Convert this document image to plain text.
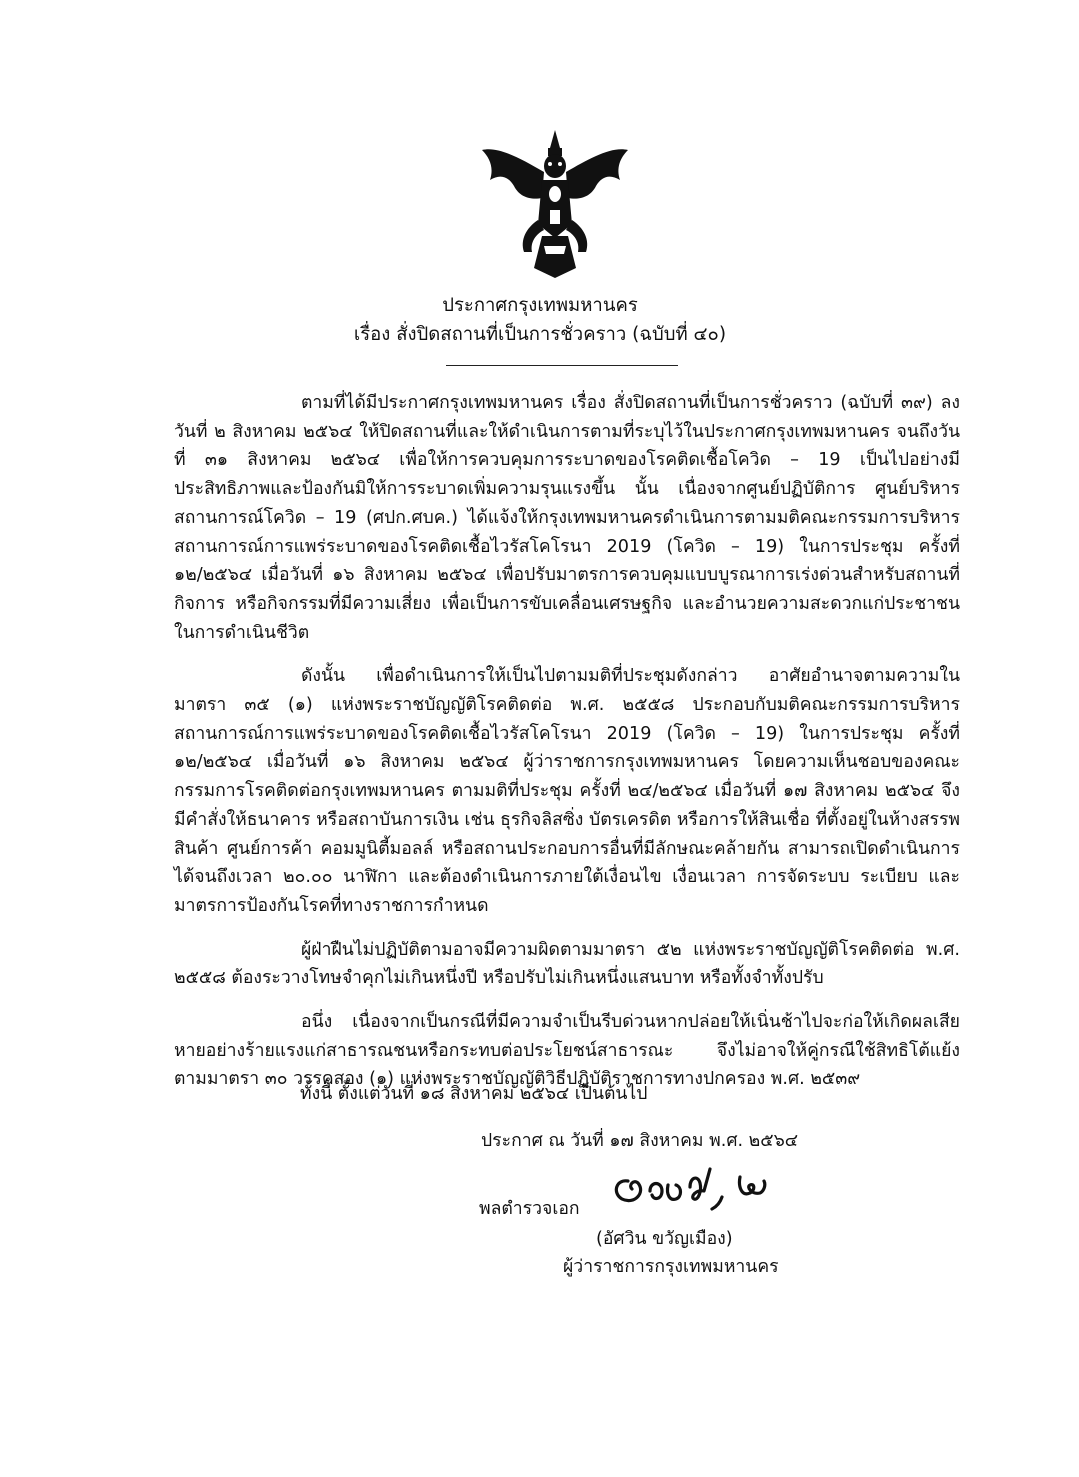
ประกาศกรุงเทพมหานคร
เรื่อง สั่งปิดสถานที่เป็นการชั่วคราว (ฉบับที่ ๔๐)

ตามที่ได้มีประกาศกรุงเทพมหานคร เรื่อง สั่งปิดสถานที่เป็นการชั่วคราว (ฉบับที่ ๓๙) ลงวันที่ ๒ สิงหาคม ๒๕๖๔ ให้ปิดสถานที่และให้ดำเนินการตามที่ระบุไว้ในประกาศกรุงเทพมหานคร จนถึงวันที่ ๓๑ สิงหาคม ๒๕๖๔ เพื่อให้การควบคุมการระบาดของโรคติดเชื้อโควิด – 19 เป็นไปอย่างมีประสิทธิภาพและป้องกันมิให้การระบาดเพิ่มความรุนแรงขึ้น นั้น เนื่องจากศูนย์ปฏิบัติการ ศูนย์บริหารสถานการณ์โควิด – 19 (ศปก.ศบค.) ได้แจ้งให้กรุงเทพมหานครดำเนินการตามมติคณะกรรมการบริหารสถานการณ์การแพร่ระบาดของโรคติดเชื้อไวรัสโคโรนา 2019 (โควิด – 19) ในการประชุม ครั้งที่ ๑๒/๒๕๖๔ เมื่อวันที่ ๑๖ สิงหาคม ๒๕๖๔ เพื่อปรับมาตรการควบคุมแบบบูรณาการเร่งด่วนสำหรับสถานที่ กิจการ หรือกิจกรรมที่มีความเสี่ยง เพื่อเป็นการขับเคลื่อนเศรษฐกิจ และอำนวยความสะดวกแก่ประชาชนในการดำเนินชีวิต

ดังนั้น เพื่อดำเนินการให้เป็นไปตามมติที่ประชุมดังกล่าว อาศัยอำนาจตามความในมาตรา ๓๕ (๑) แห่งพระราชบัญญัติโรคติดต่อ พ.ศ. ๒๕๕๘ ประกอบกับมติคณะกรรมการบริหารสถานการณ์การแพร่ระบาดของโรคติดเชื้อไวรัสโคโรนา 2019 (โควิด – 19) ในการประชุม ครั้งที่ ๑๒/๒๕๖๔ เมื่อวันที่ ๑๖ สิงหาคม ๒๕๖๔ ผู้ว่าราชการกรุงเทพมหานคร โดยความเห็นชอบของคณะกรรมการโรคติดต่อกรุงเทพมหานคร ตามมติที่ประชุม ครั้งที่ ๒๔/๒๕๖๔ เมื่อวันที่ ๑๗ สิงหาคม ๒๕๖๔ จึงมีคำสั่งให้ธนาคาร หรือสถาบันการเงิน เช่น ธุรกิจลิสซิ่ง บัตรเครดิต หรือการให้สินเชื่อ ที่ตั้งอยู่ในห้างสรรพสินค้า ศูนย์การค้า คอมมูนิตี้มอลล์ หรือสถานประกอบการอื่นที่มีลักษณะคล้ายกัน สามารถเปิดดำเนินการได้จนถึงเวลา ๒๐.๐๐ นาฬิกา และต้องดำเนินการภายใต้เงื่อนไข เงื่อนเวลา การจัดระบบ ระเบียบ และมาตรการป้องกันโรคที่ทางราชการกำหนด

ผู้ฝ่าฝืนไม่ปฏิบัติตามอาจมีความผิดตามมาตรา ๕๒ แห่งพระราชบัญญัติโรคติดต่อ พ.ศ. ๒๕๕๘ ต้องระวางโทษจำคุกไม่เกินหนึ่งปี หรือปรับไม่เกินหนึ่งแสนบาท หรือทั้งจำทั้งปรับ

อนึ่ง เนื่องจากเป็นกรณีที่มีความจำเป็นรีบด่วนหากปล่อยให้เนิ่นช้าไปจะก่อให้เกิดผลเสียหายอย่างร้ายแรงแก่สาธารณชนหรือกระทบต่อประโยชน์สาธารณะ จึงไม่อาจให้คู่กรณีใช้สิทธิโต้แย้ง ตามมาตรา ๓๐ วรรคสอง (๑) แห่งพระราชบัญญัติวิธีปฏิบัติราชการทางปกครอง พ.ศ. ๒๕๓๙

ทั้งนี้ ตั้งแต่วันที่ ๑๘ สิงหาคม ๒๕๖๔ เป็นต้นไป
ประกาศ ณ วันที่ ๑๗ สิงหาคม พ.ศ. ๒๕๖๔
พลตำรวจเอก
(อัศวิน ขวัญเมือง)
ผู้ว่าราชการกรุงเทพมหานคร
